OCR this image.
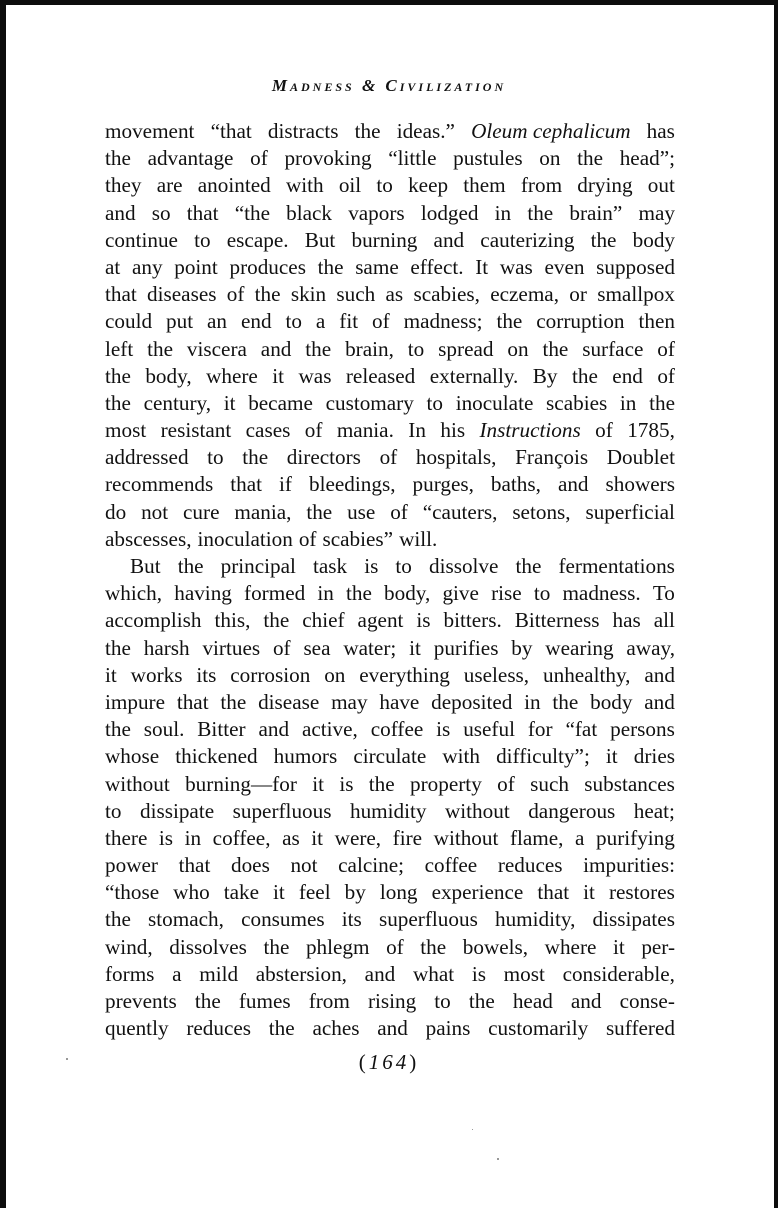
Madness & Civilization
movement “that distracts the ideas.” Oleum cephalicum has
the advantage of provoking “little pustules on the head”;
they are anointed with oil to keep them from drying out
and so that “the black vapors lodged in the brain” may
continue to escape. But burning and cauterizing the body
at any point produces the same effect. It was even supposed
that diseases of the skin such as scabies, eczema, or smallpox
could put an end to a fit of madness; the corruption then
left the viscera and the brain, to spread on the surface of
the body, where it was released externally. By the end of
the century, it became customary to inoculate scabies in the
most resistant cases of mania. In his Instructions of 1785,
addressed to the directors of hospitals, François Doublet
recommends that if bleedings, purges, baths, and showers
do not cure mania, the use of “cauters, setons, superficial
abscesses, inoculation of scabies” will.
But the principal task is to dissolve the fermentations
which, having formed in the body, give rise to madness. To
accomplish this, the chief agent is bitters. Bitterness has all
the harsh virtues of sea water; it purifies by wearing away,
it works its corrosion on everything useless, unhealthy, and
impure that the disease may have deposited in the body and
the soul. Bitter and active, coffee is useful for “fat persons
whose thickened humors circulate with difficulty”; it dries
without burning—for it is the property of such substances
to dissipate superfluous humidity without dangerous heat;
there is in coffee, as it were, fire without flame, a purifying
power that does not calcine; coffee reduces impurities:
“those who take it feel by long experience that it restores
the stomach, consumes its superfluous humidity, dissipates
wind, dissolves the phlegm of the bowels, where it per-
forms a mild abstersion, and what is most considerable,
prevents the fumes from rising to the head and conse-
quently reduces the aches and pains customarily suffered
(164)
